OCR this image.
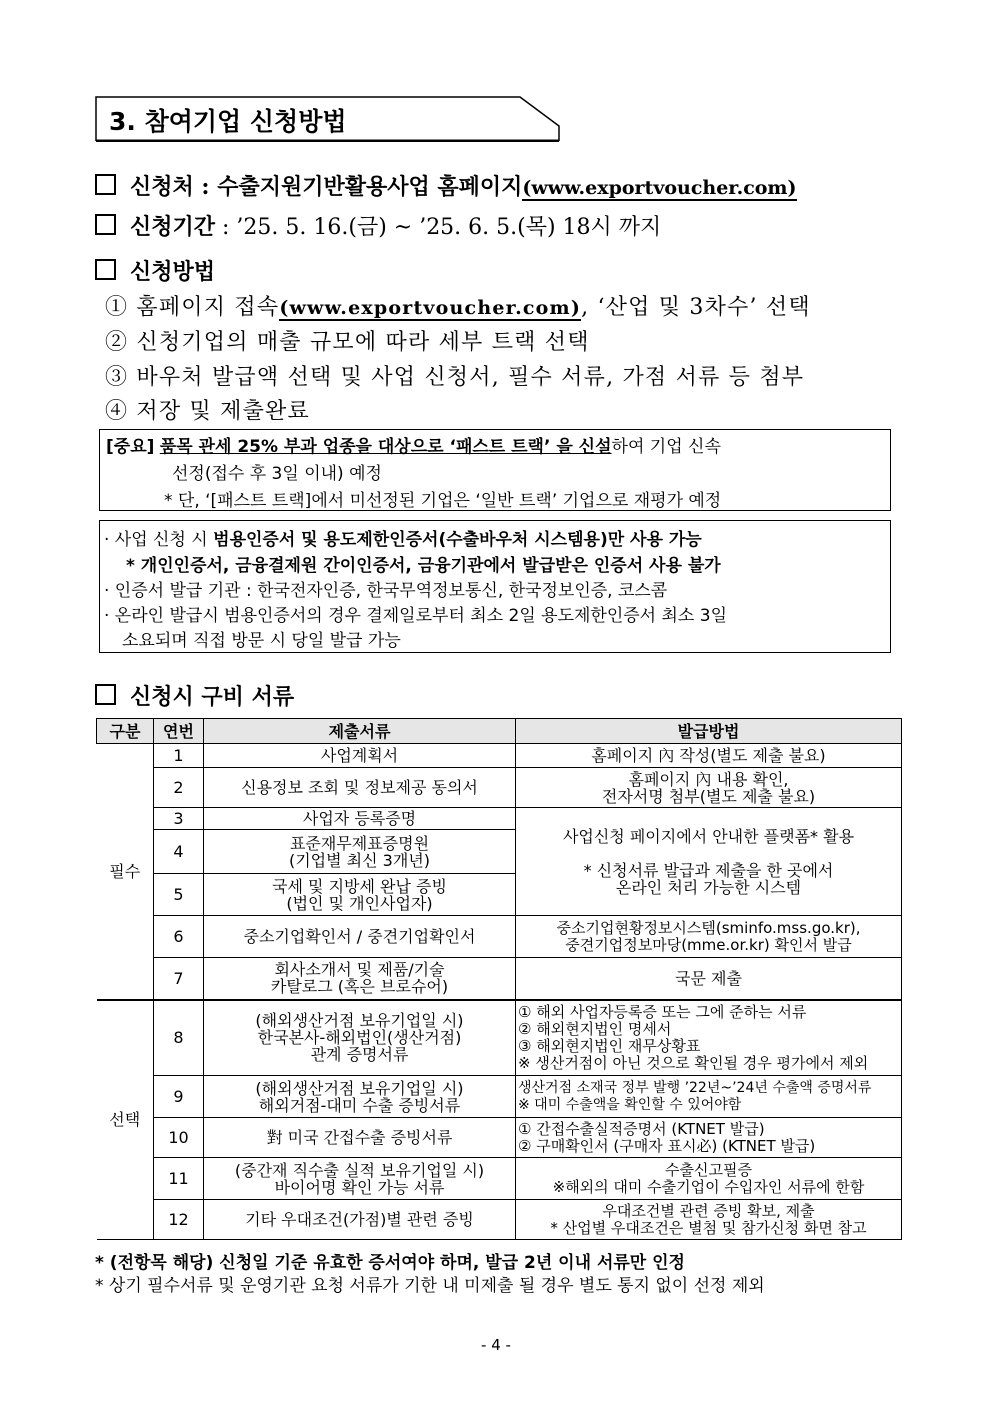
3. 참여기업 신청방법
신청처 : 수출지원기반활용사업 홈페이지(www.exportvoucher.com)
신청기간 : ’25. 5. 16.(금) ~ ’25. 6. 5.(목) 18시 까지
신청방법
① 홈페이지 접속(www.exportvoucher.com), ‘산업 및 3차수’ 선택
② 신청기업의 매출 규모에 따라 세부 트랙 선택
③ 바우처 발급액 선택 및 사업 신청서, 필수 서류, 가점 서류 등 첨부
④ 저장 및 제출완료
[중요] 품목 관세 25% 부과 업종을 대상으로 ‘패스트 트랙’ 을 신설하여 기업 신속
선정(접수 후 3일 이내) 예정
* 단, ‘[패스트 트랙]에서 미선정된 기업은 ‘일반 트랙’ 기업으로 재평가 예정
· 사업 신청 시 범용인증서 및 용도제한인증서(수출바우처 시스템용)만 사용 가능
* 개인인증서, 금융결제원 간이인증서, 금융기관에서 발급받은 인증서 사용 불가
· 인증서 발급 기관 : 한국전자인증, 한국무역정보통신, 한국정보인증, 코스콤
· 온라인 발급시 범용인증서의 경우 결제일로부터 최소 2일 용도제한인증서 최소 3일
소요되며 직접 방문 시 당일 발급 가능
신청시 구비 서류
구분	연번	제출서류	발급방법
필수	1	사업계획서	홈페이지 內 작성(별도 제출 불요)
	2	신용정보 조회 및 정보제공 동의서	홈페이지 內 내용 확인,
전자서명 첨부(별도 제출 불요)
	3	사업자 등록증명	사업신청 페이지에서 안내한 플랫폼* 활용

* 신청서류 발급과 제출을 한 곳에서
온라인 처리 가능한 시스템
	4	표준재무제표증명원
(기업별 최신 3개년)	
	5	국세 및 지방세 완납 증빙
(법인 및 개인사업자)	
	6	중소기업확인서 / 중견기업확인서	중소기업현황정보시스템(sminfo.mss.go.kr),
중견기업정보마당(mme.or.kr) 확인서 발급
	7	회사소개서 및 제품/기술
카탈로그 (혹은 브로슈어)	국문 제출
선택	8	(해외생산거점 보유기업일 시)
한국본사-해외법인(생산거점)
관계 증명서류	① 해외 사업자등록증 또는 그에 준하는 서류
② 해외현지법인 명세서
③ 해외현지법인 재무상황표
※ 생산거점이 아닌 것으로 확인될 경우 평가에서 제외
	9	(해외생산거점 보유기업일 시)
해외거점-대미 수출 증빙서류	생산거점 소재국 정부 발행 ’22년~’24년 수출액 증명서류
※ 대미 수출액을 확인할 수 있어야함
	10	對 미국 간접수출 증빙서류	① 간접수출실적증명서 (KTNET 발급)
② 구매확인서 (구매자 표시必) (KTNET 발급)
	11	(중간재 직수출 실적 보유기업일 시)
바이어명 확인 가능 서류	수출신고필증
※해외의 대미 수출기업이 수입자인 서류에 한함
	12	기타 우대조건(가점)별 관련 증빙	우대조건별 관련 증빙 확보, 제출
* 산업별 우대조건은 별첨 및 참가신청 화면 참고
* (전항목 해당) 신청일 기준 유효한 증서여야 하며, 발급 2년 이내 서류만 인정
* 상기 필수서류 및 운영기관 요청 서류가 기한 내 미제출 될 경우 별도 통지 없이 선정 제외
- 4 -
